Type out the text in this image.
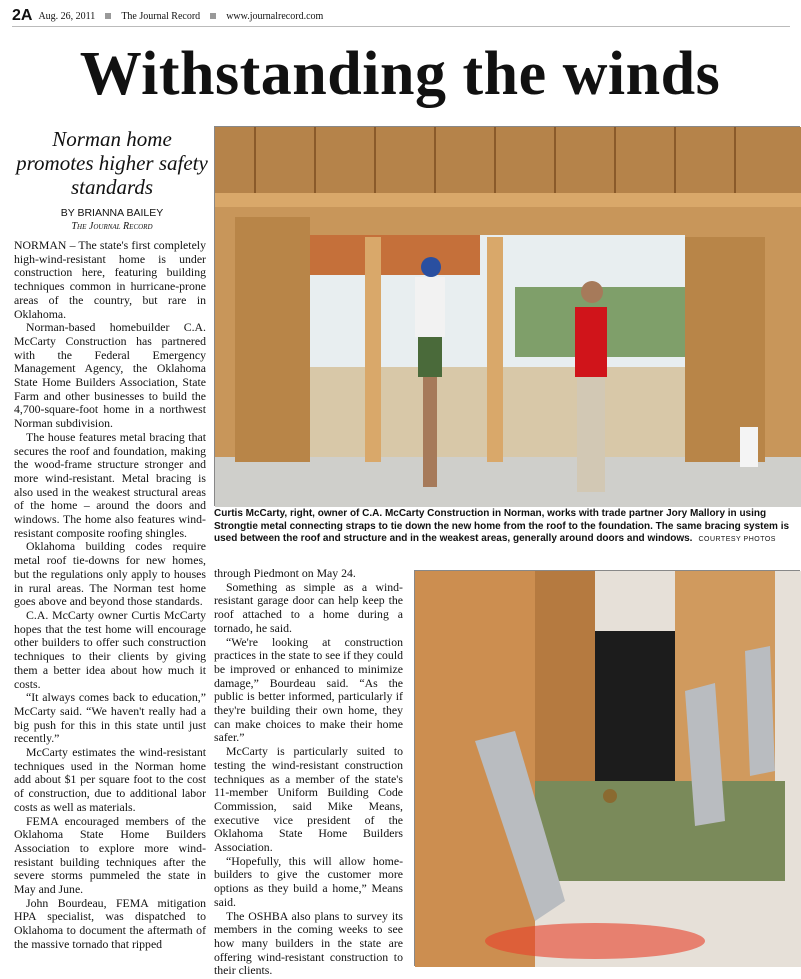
2A Aug. 26, 2011	The Journal Record	www.journalrecord.com
Withstanding the winds
Norman home promotes higher safety standards
BY BRIANNA BAILEY
The Journal Record

NORMAN – The state's first completely high-wind-resistant home is under construction here, featuring building techniques common in hurricane-prone areas of the country, but rare in Oklahoma.

Norman-based homebuilder C.A. McCarty Construction has partnered with the Federal Emergency Management Agency, the Oklahoma State Home Builders Association, State Farm and other businesses to build the 4,700-square-foot home in a northwest Norman subdivision.

The house features metal bracing that secures the roof and foundation, making the wood-frame structure stronger and more wind-resistant. Metal bracing is also used in the weakest structural areas of the home – around the doors and windows. The home also features wind-resistant composite roofing shingles.

Oklahoma building codes require metal roof tie-downs for new homes, but the regulations only apply to houses in rural areas. The Norman test home goes above and beyond those standards.

C.A. McCarty owner Curtis McCarty hopes that the test home will encourage other builders to offer such construction techniques to their clients by giving them a better idea about how much it costs.

“It always comes back to education,” McCarty said. “We haven't really had a big push for this in this state until just recently.”

McCarty estimates the wind-resistant techniques used in the Norman home add about $1 per square foot to the cost of construction, due to additional labor costs as well as materials.

FEMA encouraged members of the Oklahoma State Home Builders Association to explore more wind-resistant building techniques after the severe storms pummeled the state in May and June.

John Bourdeau, FEMA mitigation HPA specialist, was dispatched to Oklahoma to document the aftermath of the massive tornado that ripped

through Piedmont on May 24.

Something as simple as a wind-resistant garage door can help keep the roof attached to a home during a tornado, he said.

“We're looking at construction practices in the state to see if they could be improved or enhanced to minimize damage,” Bourdeau said. “As the public is better informed, particularly if they're building their own home, they can make choices to make their home safer.”

McCarty is particularly suited to testing the wind-resistant construction techniques as a member of the state's 11-member Uniform Building Code Commission, said Mike Means, executive vice president of the Oklahoma State Home Builders Association.

“Hopefully, this will allow home-builders to give the customer more options as they build a home,” Means said.

The OSHBA also plans to survey its members in the coming weeks to see how many builders in the state are offering wind-resistant construction to their clients.

Curtis McCarty, right, owner of C.A. McCarty Construction in Norman, works with trade partner Jory Mallory in using Strongtie metal connecting straps to tie down the new home from the roof to the foundation. The same bracing system is used between the roof and structure and in the weakest areas, generally around doors and windows. COURTESY PHOTOS
